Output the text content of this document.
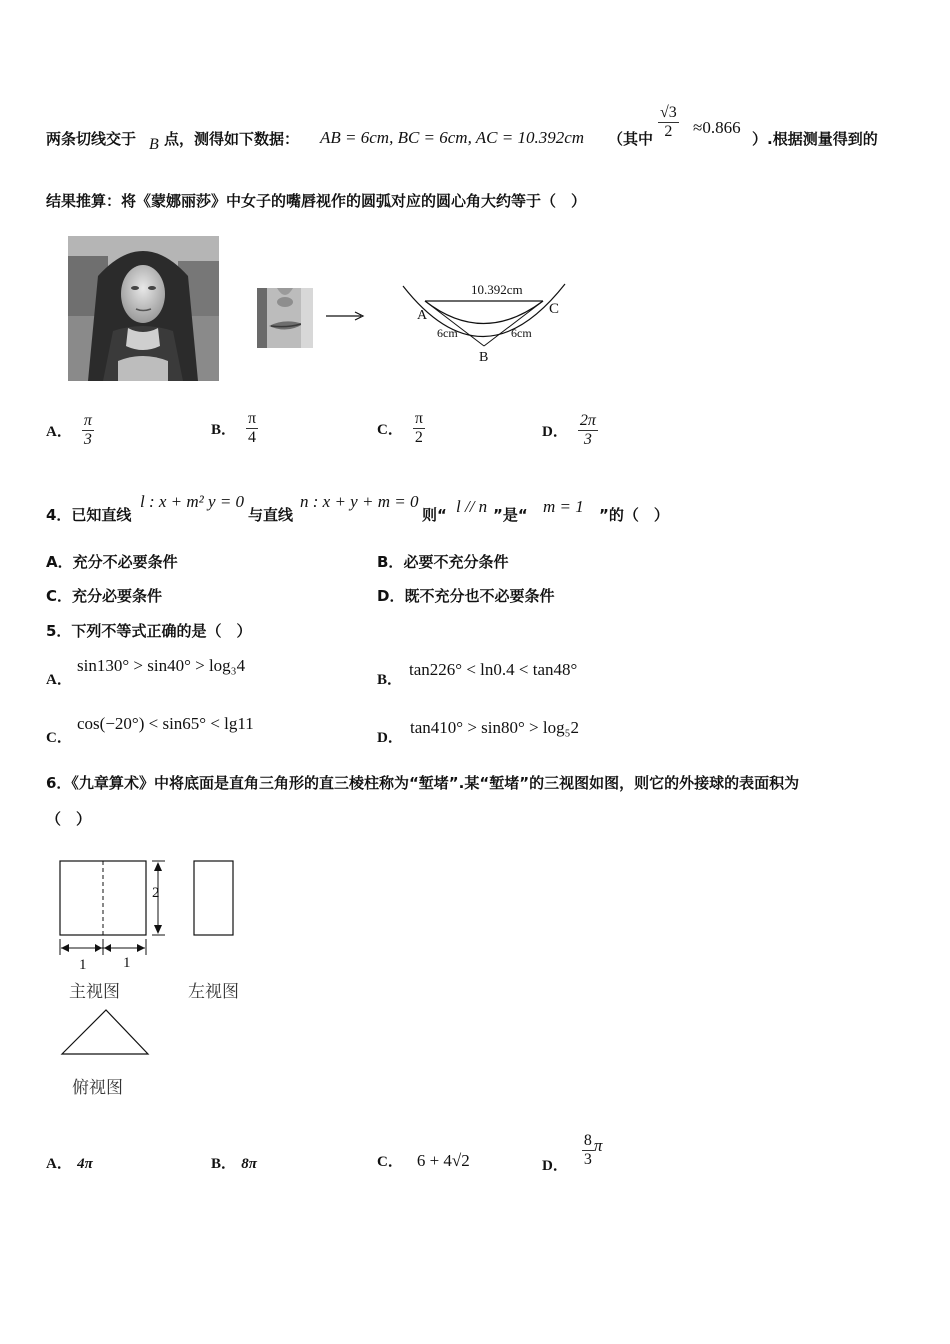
两条切线交于 B 点，测得如下数据： AB = 6cm, BC = 6cm, AC = 10.392cm （其中 $\frac{√3}{2} \approx 0.866$
）.根据测量得到的
结果推算：将《蒙娜丽莎》中女子的嘴唇视作的圆弧对应的圆心角大约等于（　）
10.392cm
A	C
B
6cm	6cm
A． $\frac{\pi}{3}$	B． $\frac{\pi}{4}$	C． $\frac{\pi}{2}$	D． $\frac{2\pi}{3}$
4．已知直线
l : x + m² y = 0
与直线
n : x + y + m = 0
则“ l // n ”是“ m = 1 ”的（　）
A．充分不必要条件	B．必要不充分条件
C．充分必要条件	D．既不充分也不必要条件
5．下列不等式正确的是（　）
A．
sin130° > sin40° > log₃4
B．
tan226° < ln0.4 < tan48°
C．
cos(−20°) < sin65° < lg11
D．
tan410° > sin80° > log₅2
6．《九章算术》中将底面是直角三角形的直三棱柱称为“堑堵”.某“堑堵”的三视图如图，则它的外接球的表面积为
（　）
2
1 1
主视图	左视图
俯视图
A． 4π	B． 8π	C． 6 + 4√2	D． $\frac{8}{3}$ π
